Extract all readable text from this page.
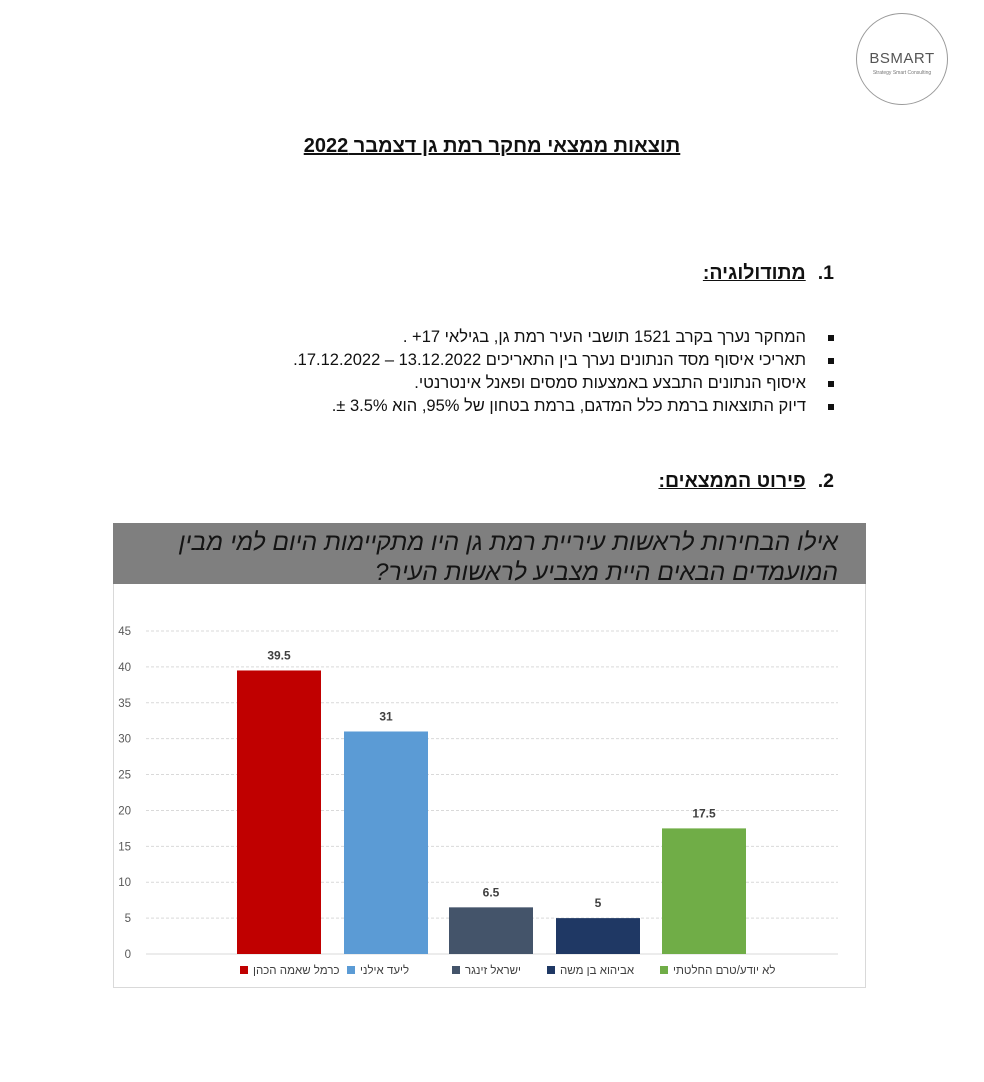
BSMART
Strategy Smart Consulting
תוצאות ממצאי מחקר רמת גן דצמבר 2022
1.
מתודולוגיה:
המחקר נערך בקרב 1521 תושבי העיר רמת גן, בגילאי 17+ .
תאריכי איסוף מסד הנתונים נערך בין התאריכים 13.12.2022 – 17.12.2022.
איסוף הנתונים התבצע באמצעות סמסים ופאנל אינטרנטי.
דיוק התוצאות ברמת כלל המדגם, ברמת בטחון של 95%, הוא 3.5% ±.
2.
פירוט הממצאים:
אילו הבחירות לראשות עיריית רמת גן היו מתקיימות היום למי מבין המועמדים הבאים היית מצביע לראשות העיר?
0
5
10
15
20
25
30
35
40
45
39.5
31
6.5
5
17.5
כרמל שאמה הכהן ליעד אילני	ישראל זינגר	אביהוא בן משה	לא יודע/טרם החלטתי
